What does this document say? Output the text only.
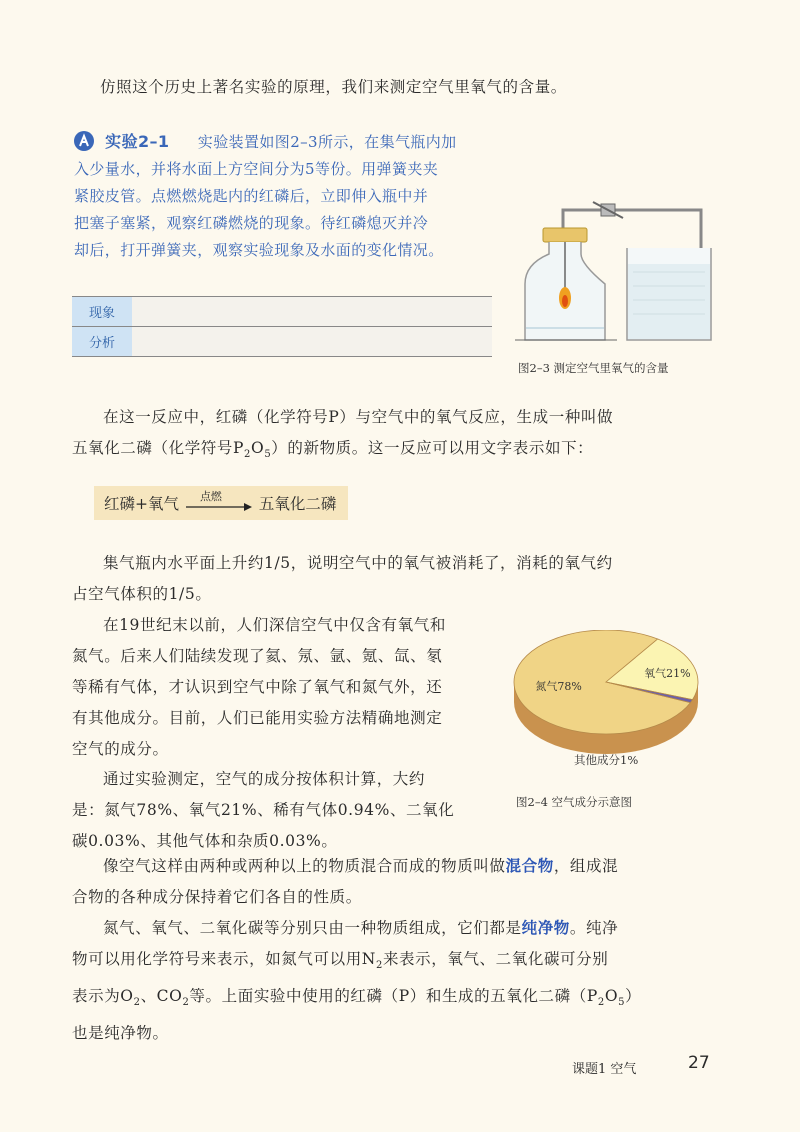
仿照这个历史上著名实验的原理，我们来测定空气里氧气的含量。
实验2–1 实验装置如图2–3所示，在集气瓶内加
入少量水，并将水面上方空间分为5等份。用弹簧夹夹
紧胶皮管。点燃燃烧匙内的红磷后，立即伸入瓶中并
把塞子塞紧，观察红磷燃烧的现象。待红磷熄灭并冷
却后，打开弹簧夹，观察实验现象及水面的变化情况。
现象	
分析	
图2–3 测定空气里氧气的含量
在这一反应中，红磷（化学符号P）与空气中的氧气反应，生成一种叫做
五氧化二磷（化学符号$P_2O_5$）的新物质。这一反应可以用文字表示如下：
红磷+氧气 点燃 五氧化二磷
集气瓶内水平面上升约1/5，说明空气中的氧气被消耗了，消耗的氧气约
占空气体积的1/5。
在19世纪末以前，人们深信空气中仅含有氧气和
氮气。后来人们陆续发现了氦、氖、氩、氪、氙、氡
等稀有气体，才认识到空气中除了氧气和氮气外，还
有其他成分。目前，人们已能用实验方法精确地测定
空气的成分。
通过实验测定，空气的成分按体积计算，大约
是：氮气78%、氧气21%、稀有气体0.94%、二氧化
碳0.03%、其他气体和杂质0.03%。
氮气78%
氧气21%
其他成分1%
图2–4 空气成分示意图
像空气这样由两种或两种以上的物质混合而成的物质叫做混合物，组成混
合物的各种成分保持着它们各自的性质。
氮气、氧气、二氧化碳等分别只由一种物质组成，它们都是纯净物。纯净
物可以用化学符号来表示，如氮气可以用$N_2$来表示，氧气、二氧化碳可分别
表示为$O_2$、$CO_2$等。上面实验中使用的红磷（P）和生成的五氧化二磷$(P_2O_5)$
也是纯净物。
课题1 空气	27
